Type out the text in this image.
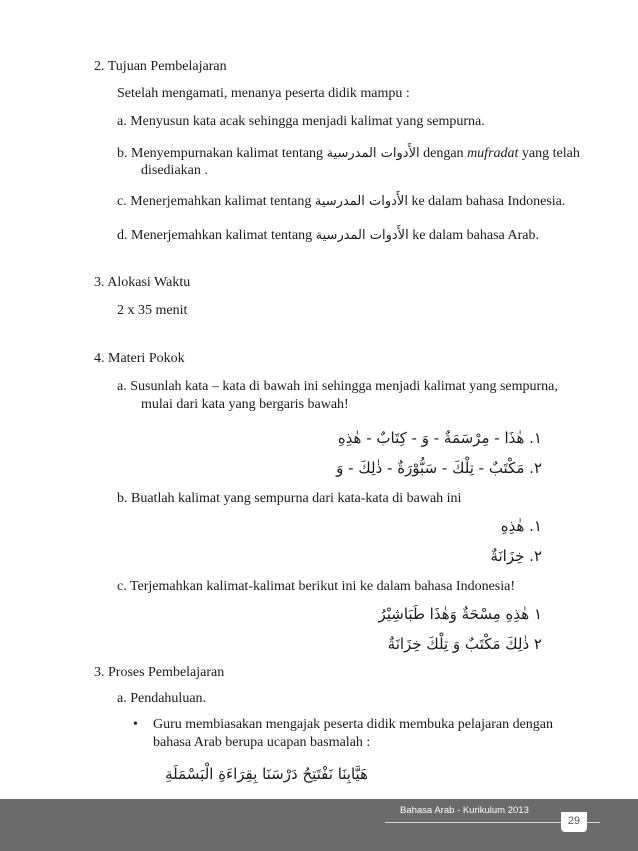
2. Tujuan Pembelajaran
Setelah mengamati, menanya peserta didik mampu :
a. Menyusun kata acak sehingga menjadi kalimat yang sempurna.
b. Menyempurnakan kalimat tentang الأَدوات المدرسية dengan mufradat yang telah
disediakan .
c. Menerjemahkan kalimat tentang الأَدوات المدرسية ke dalam bahasa Indonesia.
d. Menerjemahkan kalimat tentang الأَدوات المدرسية ke dalam bahasa Arab.
3. Alokasi Waktu
2 x 35 menit
4. Materi Pokok
a. Susunlah kata – kata di bawah ini sehingga menjadi kalimat yang sempurna,
mulai dari kata yang bergaris bawah!
١. هٰذَا - مِرْسَمَةٌ - وَ - كِتَابٌ - هٰذِهِ
٢. مَكْتَبٌ - تِلْكَ - سَبُّوْرَةٌ - ذٰلِكَ - وَ
b. Buatlah kalimat yang sempurna dari kata-kata di bawah ini
١. هٰذِهِ
٢. خِزَانَةٌ
c. Terjemahkan kalimat-kalimat berikut ini ke dalam bahasa Indonesia!
١ هٰذِهِ مِسْحَةٌ وَهٰذَا طَبَاشِيْرُ
٢ ذٰلِكَ مَكْتَبٌ وَ تِلْكَ خِزَانَةٌ
3. Proses Pembelajaran
a. Pendahuluan.
• Guru membiasakan mengajak peserta didik membuka pelajaran dengan
bahasa Arab berupa ucapan basmalah :
هَيَّابِنَا نَفْتَتِحُ دَرْسَنَا بِقِرَاءَةِ الْبَسْمَلَةِ
Bahasa Arab - Kurikulum 2013
29
